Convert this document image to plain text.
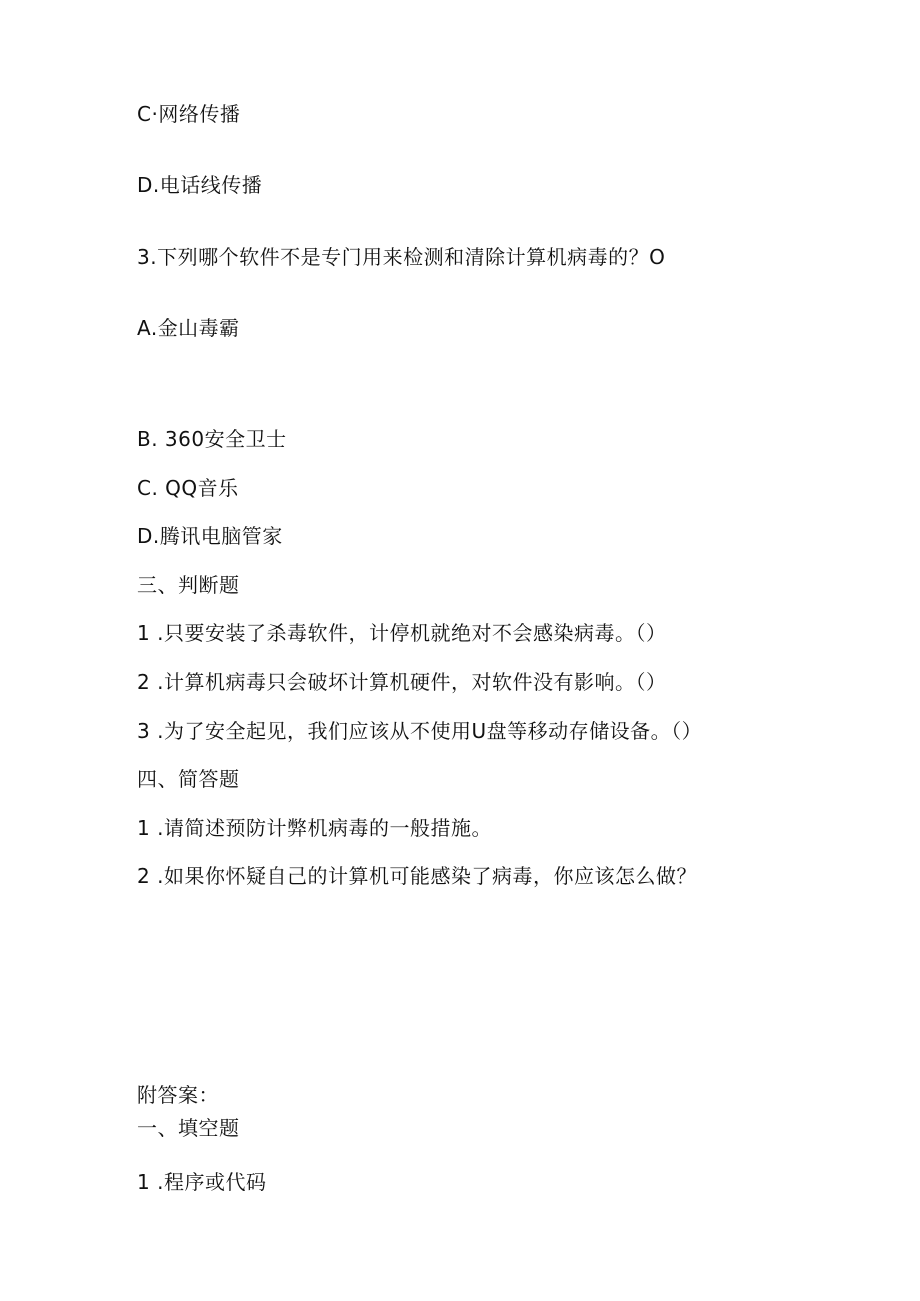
C·网络传播
D.电话线传播
3.下列哪个软件不是专门用来检测和清除计算机病毒的？O
A.金山毒霸
B. 360安全卫士
C. QQ音乐
D.腾讯电脑管家
三、判断题
1 .只要安装了杀毒软件，计停机就绝对不会感染病毒。（）
2 .计算机病毒只会破坏计算机硬件，对软件没有影响。（）
3 .为了安全起见，我们应该从不使用U盘等移动存储设备。（）
四、简答题
1 .请简述预防计弊机病毒的一般措施。
2 .如果你怀疑自己的计算机可能感染了病毒，你应该怎么做？
附答案：
一、填空题
1 .程序或代码
